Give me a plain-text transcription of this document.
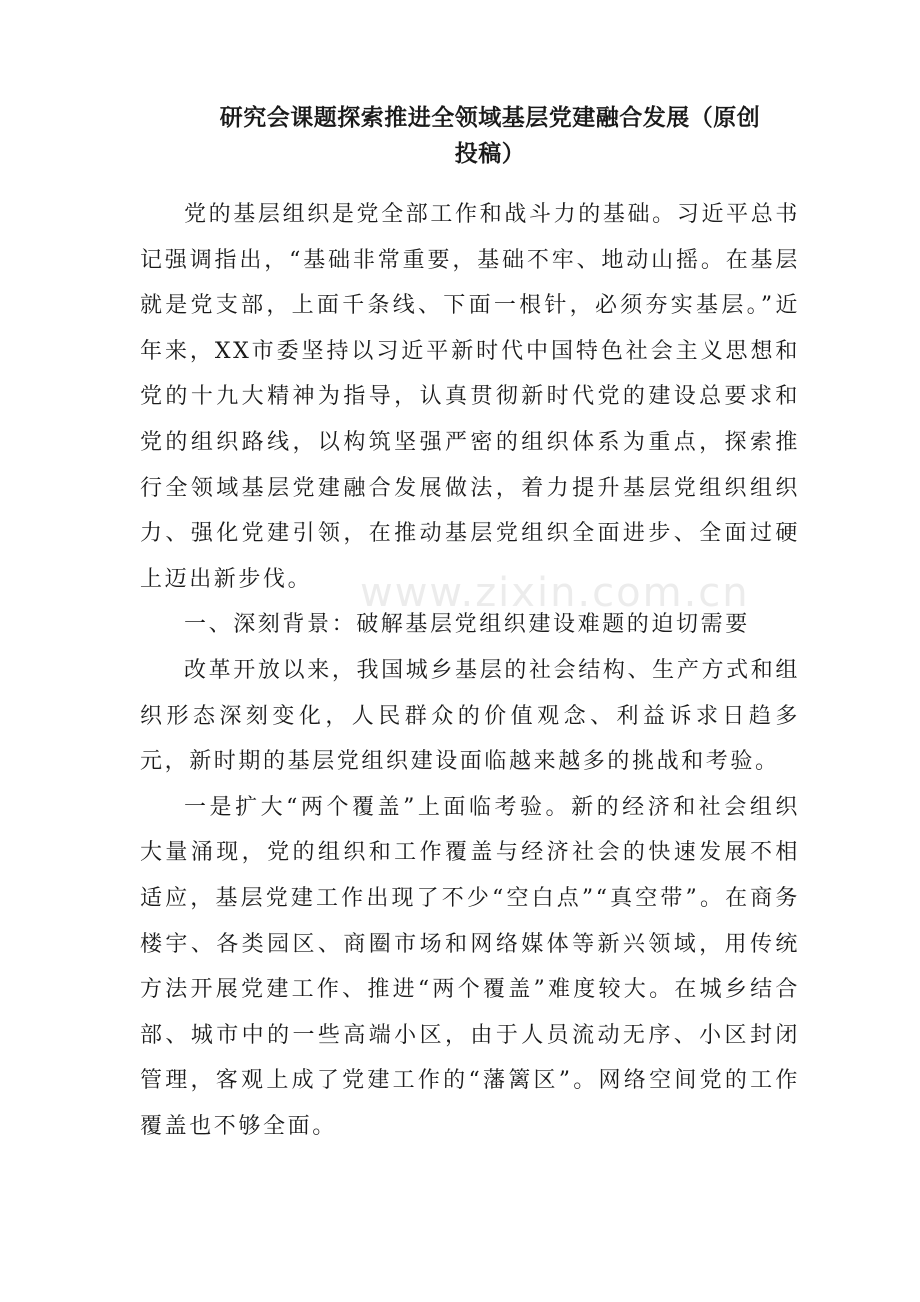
www.zixin.com.cn
研究会课题探索推进全领域基层党建融合发展（原创
投稿）

党的基层组织是党全部工作和战斗力的基础。习近平总书记强调指出，“基础非常重要，基础不牢、地动山摇。在基层就是党支部，上面千条线、下面一根针，必须夯实基层。”近年来，XX市委坚持以习近平新时代中国特色社会主义思想和党的十九大精神为指导，认真贯彻新时代党的建设总要求和党的组织路线，以构筑坚强严密的组织体系为重点，探索推行全领域基层党建融合发展做法，着力提升基层党组织组织力、强化党建引领，在推动基层党组织全面进步、全面过硬上迈出新步伐。

一、深刻背景：破解基层党组织建设难题的迫切需要

改革开放以来，我国城乡基层的社会结构、生产方式和组织形态深刻变化，人民群众的价值观念、利益诉求日趋多元，新时期的基层党组织建设面临越来越多的挑战和考验。

一是扩大“两个覆盖”上面临考验。新的经济和社会组织大量涌现，党的组织和工作覆盖与经济社会的快速发展不相适应，基层党建工作出现了不少“空白点”“真空带”。在商务楼宇、各类园区、商圈市场和网络媒体等新兴领域，用传统方法开展党建工作、推进“两个覆盖”难度较大。在城乡结合部、城市中的一些高端小区，由于人员流动无序、小区封闭管理，客观上成了党建工作的“藩篱区”。网络空间党的工作覆盖也不够全面。
